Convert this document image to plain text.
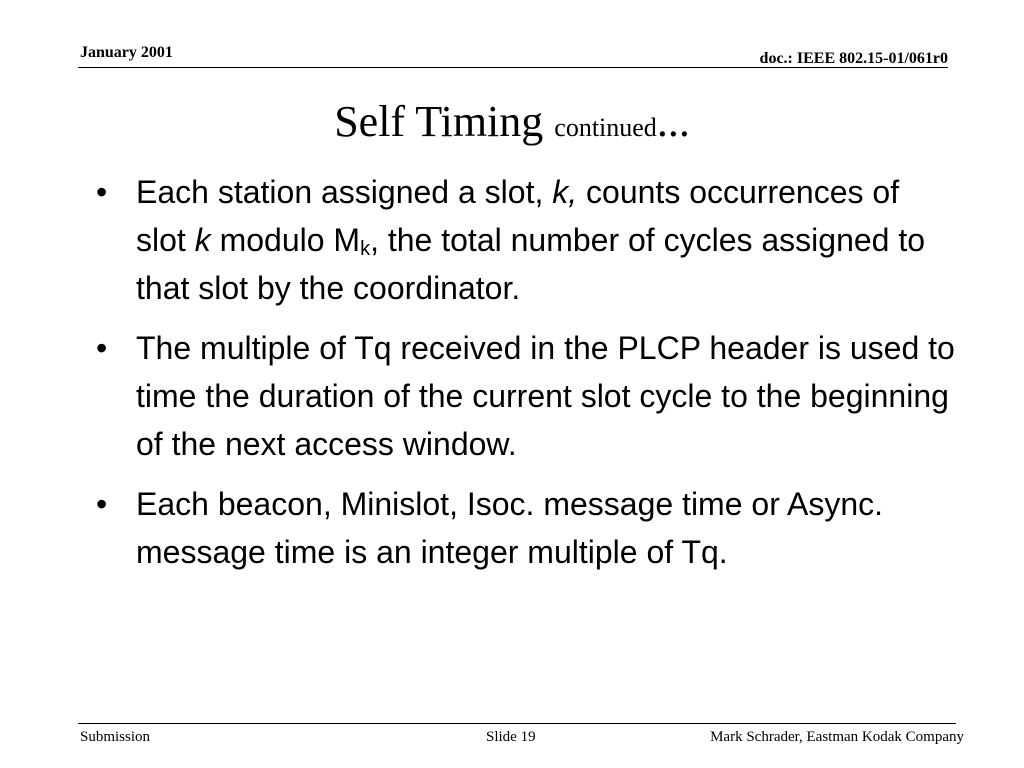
January 2001	doc.: IEEE 802.15-01/061r0
Self Timing continued...
• Each station assigned a slot, k, counts occurrences of slot k modulo $M_k$, the total number of cycles assigned to that slot by the coordinator.
• The multiple of Tq received in the PLCP header is used to time the duration of the current slot cycle to the beginning of the next access window.
• Each beacon, Minislot, Isoc. message time or Async. message time is an integer multiple of Tq.
Submission	Slide 19	Mark Schrader, Eastman Kodak Company
